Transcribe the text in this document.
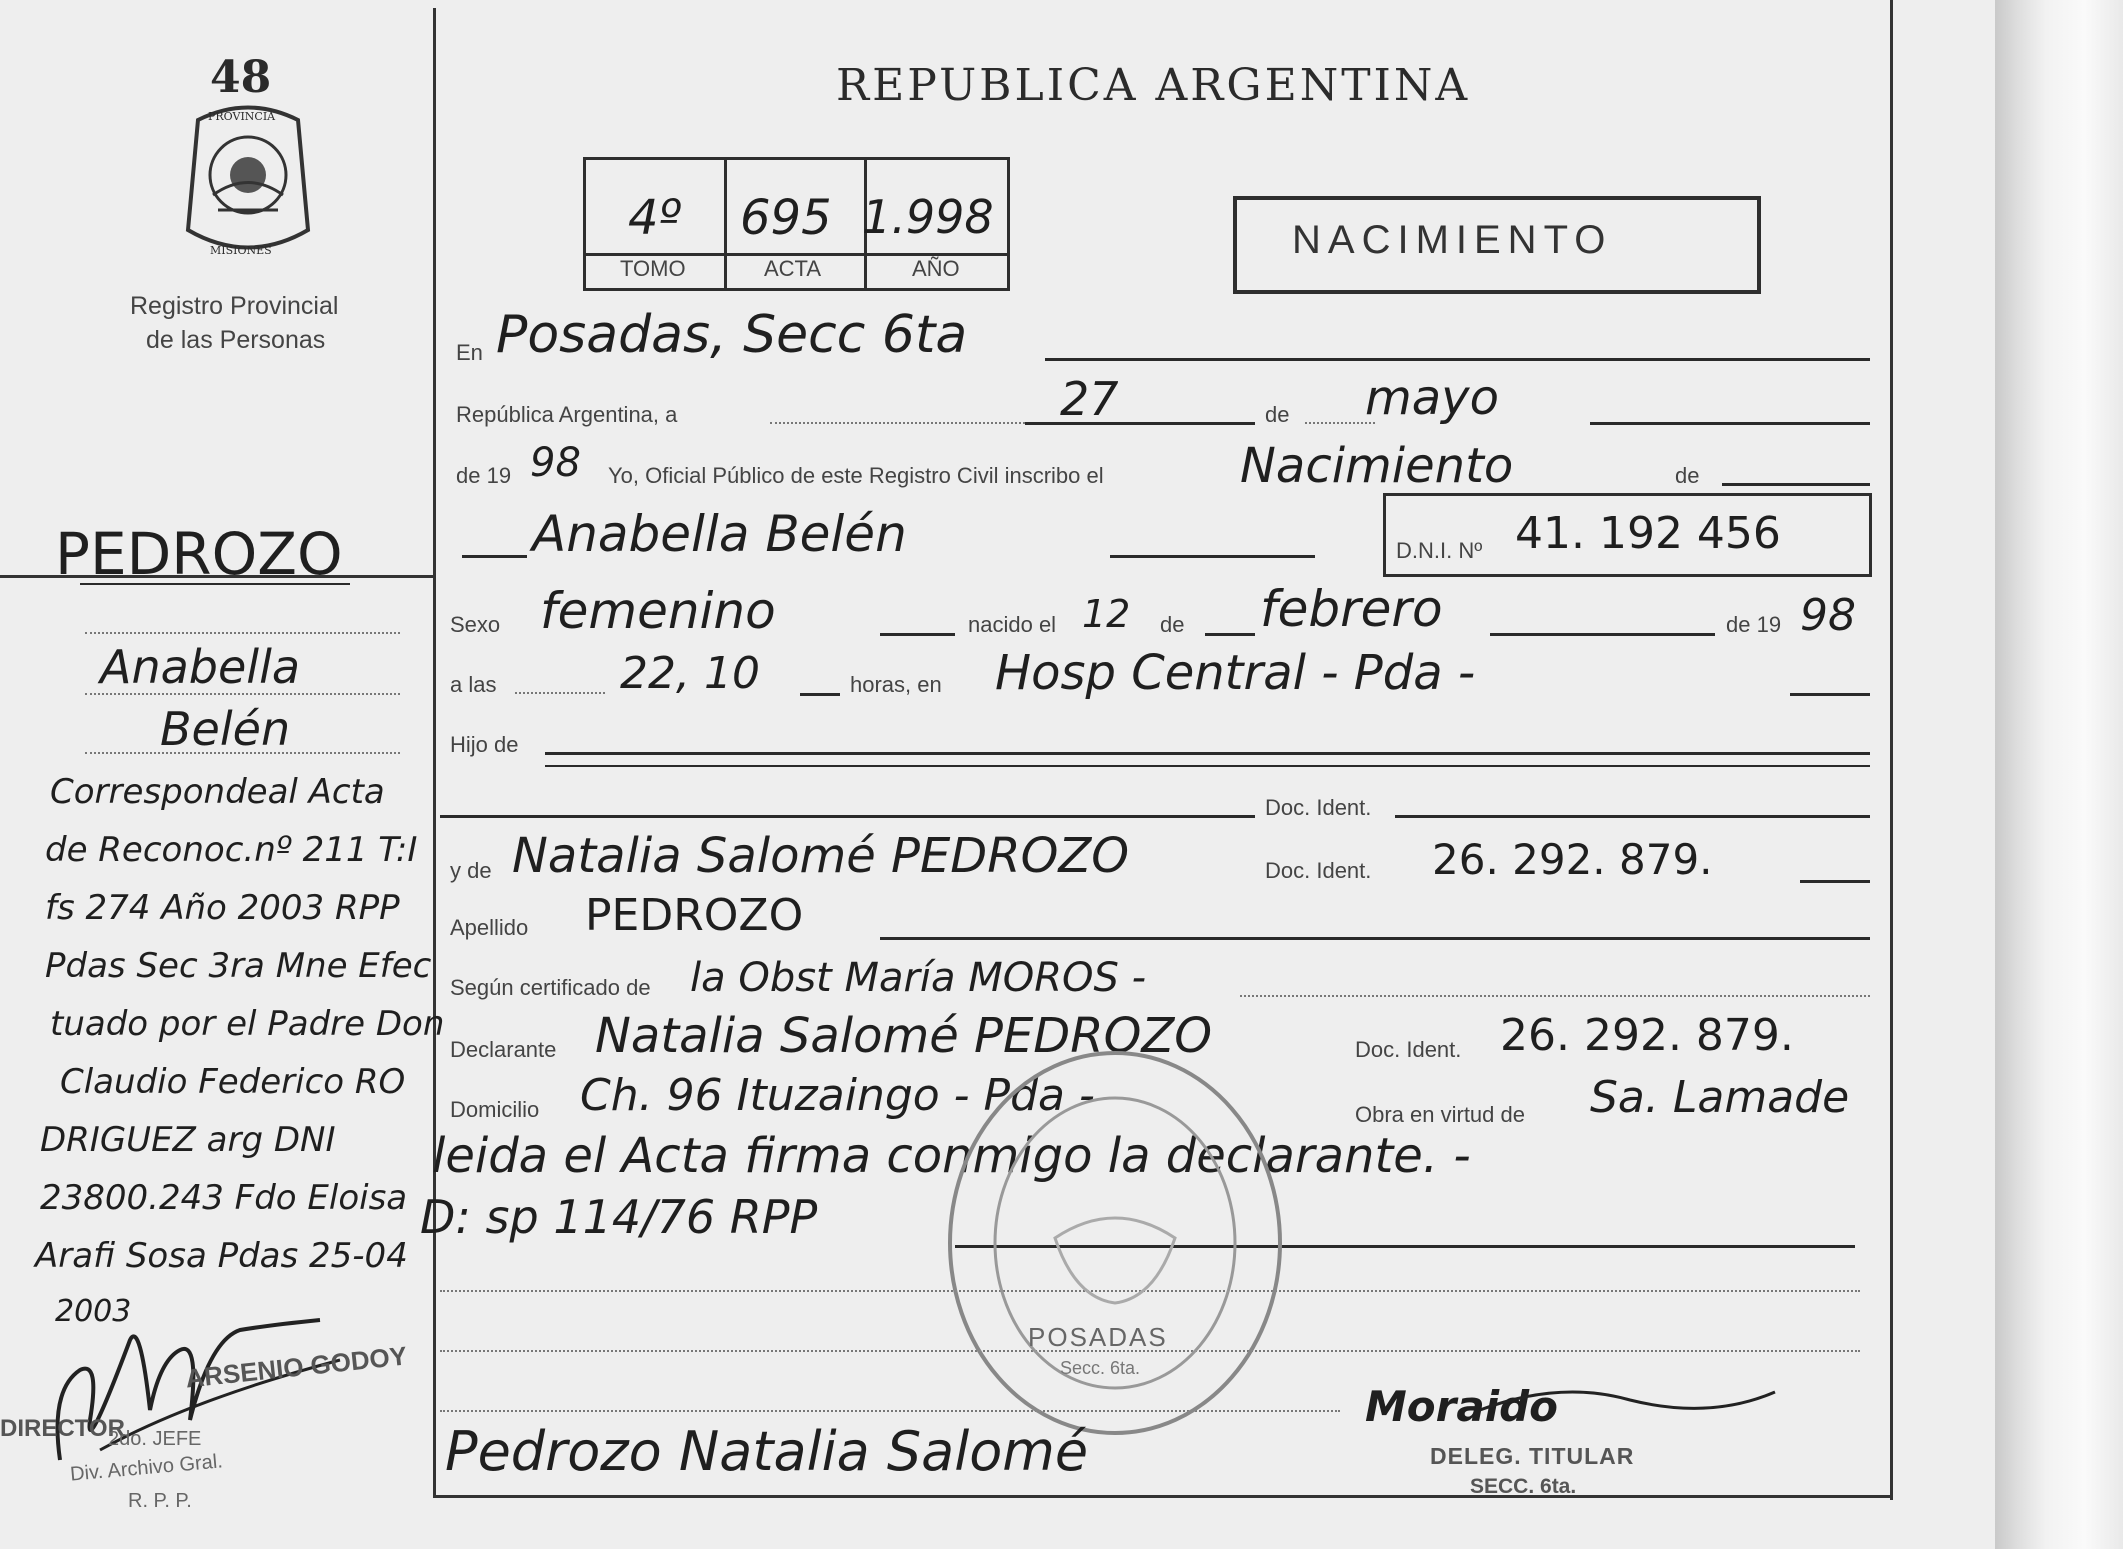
48
PROVINCIA
MISIONES
Registro Provincial
de las Personas
REPUBLICA ARGENTINA
4º 695 1.998
TOMO	ACTA	AÑO
NACIMIENTO
PEDROZO
Anabella
Belén
Correspondeal Acta
de Reconoc.nº 211 T:I
fs 274 Año 2003 RPP
Pdas Sec 3ra Mne Efec
tuado por el Padre Don
Claudio Federico RO
DRIGUEZ arg DNI
23800.243 Fdo Eloisa
Arafi Sosa Pdas 25-04
2003
ARSENIO GODOY
DIRECTOR
2do. JEFE
Div. Archivo Gral.
R. P. P.
En Posadas, Secc 6ta
República Argentina, a	27	de mayo
de 19 98 Yo, Oficial Público de este Registro Civil inscribo el	Nacimiento	de
Anabella Belén	D.N.I. Nº 41. 192 456
Sexo femenino	nacido el 12 de febrero	de 19 98
a las	22, 10	horas, en Hosp Central - Pda -
Hijo de
Doc. Ident.
y de Natalia Salomé PEDROZO	Doc. Ident. 26. 292. 879.
Apellido PEDROZO
Según certificado de la Obst María MOROS -
Declarante Natalia Salomé PEDROZO	Doc. Ident. 26. 292. 879.
Domicilio Ch. 96 Ituzaingo - Pda -	Obra en virtud de Sa. Lamade
leida el Acta firma conmigo la declarante. -
D: sp 114/76 RPP
POSADAS
Secc. 6ta.
Pedrozo Natalia Salomé
Moraido
DELEG. TITULAR
SECC. 6ta.
